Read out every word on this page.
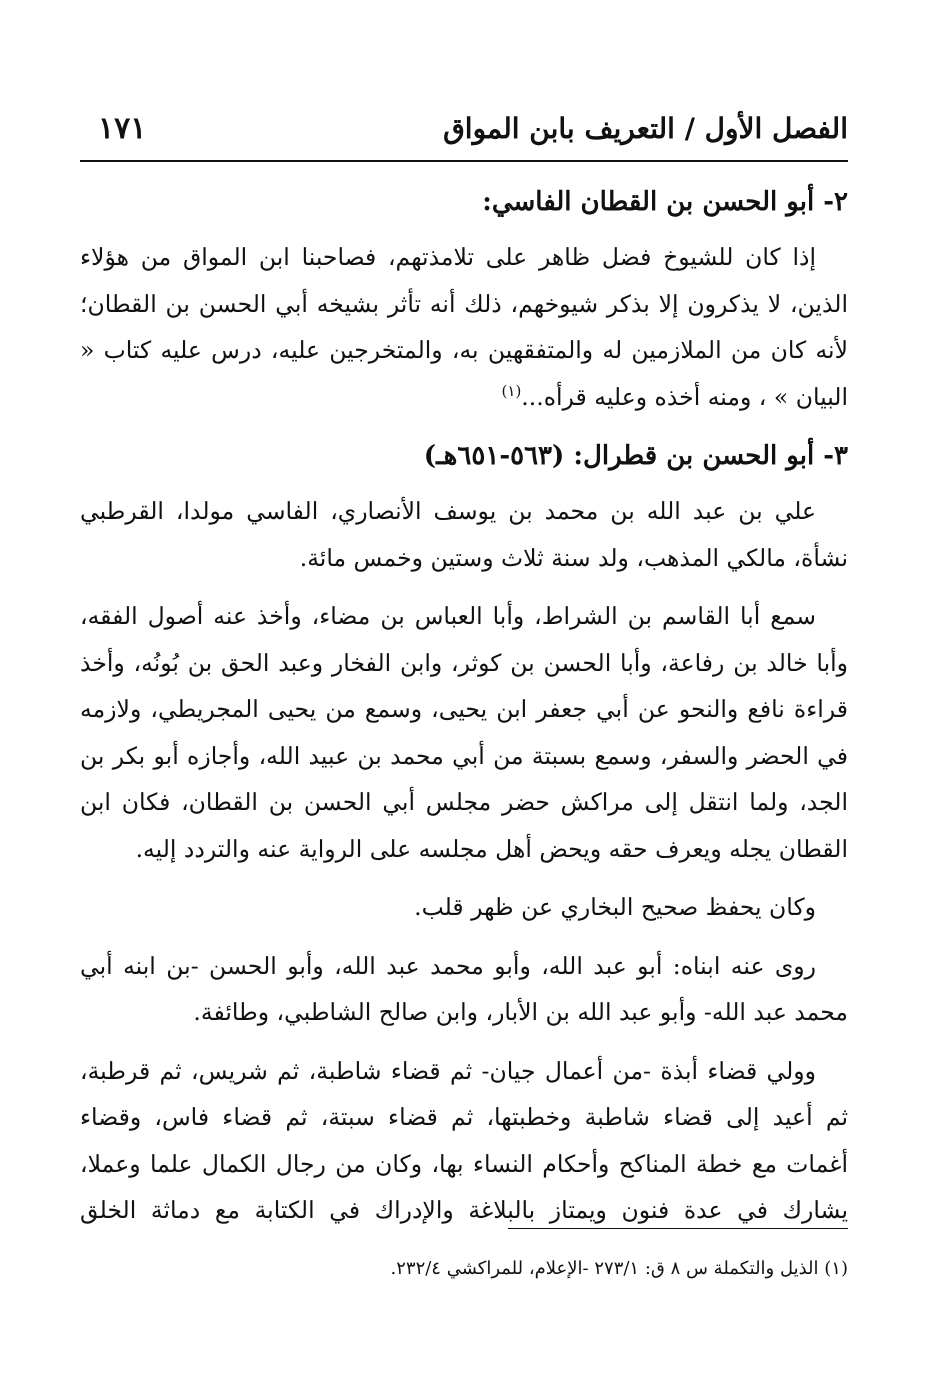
الفصل الأول / التعريف بابن المواق
١٧١
٢- أبو الحسن بن القطان الفاسي:

إذا كان للشيوخ فضل ظاهر على تلامذتهم، فصاحبنا ابن المواق من هؤلاء الذين، لا يذكرون إلا بذكر شيوخهم، ذلك أنه تأثر بشيخه أبي الحسن بن القطان؛ لأنه كان من الملازمين له والمتفقهين به، والمتخرجين عليه، درس عليه كتاب « البيان » ، ومنه أخذه وعليه قرأه...$^{(١)}$

٣- أبو الحسن بن قطرال: (٥٦٣-٦٥١هـ)

علي بن عبد الله بن محمد بن يوسف الأنصاري، الفاسي مولدا، القرطبي نشأة، مالكي المذهب، ولد سنة ثلاث وستين وخمس مائة.

سمع أبا القاسم بن الشراط، وأبا العباس بن مضاء، وأخذ عنه أصول الفقه، وأبا خالد بن رفاعة، وأبا الحسن بن كوثر، وابن الفخار وعبد الحق بن بُونُه، وأخذ قراءة نافع والنحو عن أبي جعفر ابن يحيى، وسمع من يحيى المجريطي، ولازمه في الحضر والسفر، وسمع بسبتة من أبي محمد بن عبيد الله، وأجازه أبو بكر بن الجد، ولما انتقل إلى مراكش حضر مجلس أبي الحسن بن القطان، فكان ابن القطان يجله ويعرف حقه ويحض أهل مجلسه على الرواية عنه والتردد إليه.

وكان يحفظ صحيح البخاري عن ظهر قلب.

روى عنه ابناه: أبو عبد الله، وأبو محمد عبد الله، وأبو الحسن -بن ابنه أبي محمد عبد الله- وأبو عبد الله بن الأبار، وابن صالح الشاطبي، وطائفة.

وولي قضاء أبذة -من أعمال جيان- ثم قضاء شاطبة، ثم شريس، ثم قرطبة، ثم أعيد إلى قضاء شاطبة وخطبتها، ثم قضاء سبتة، ثم قضاء فاس، وقضاء أغمات مع خطة المناكح وأحكام النساء بها، وكان من رجال الكمال علما وعملا، يشارك في عدة فنون ويمتاز بالبلاغة والإدراك في الكتابة مع دماثة الخلق

(١) الذيل والتكملة س ٨ ق: ٢٧٣/١ -الإعلام، للمراكشي ٢٣٢/٤.
